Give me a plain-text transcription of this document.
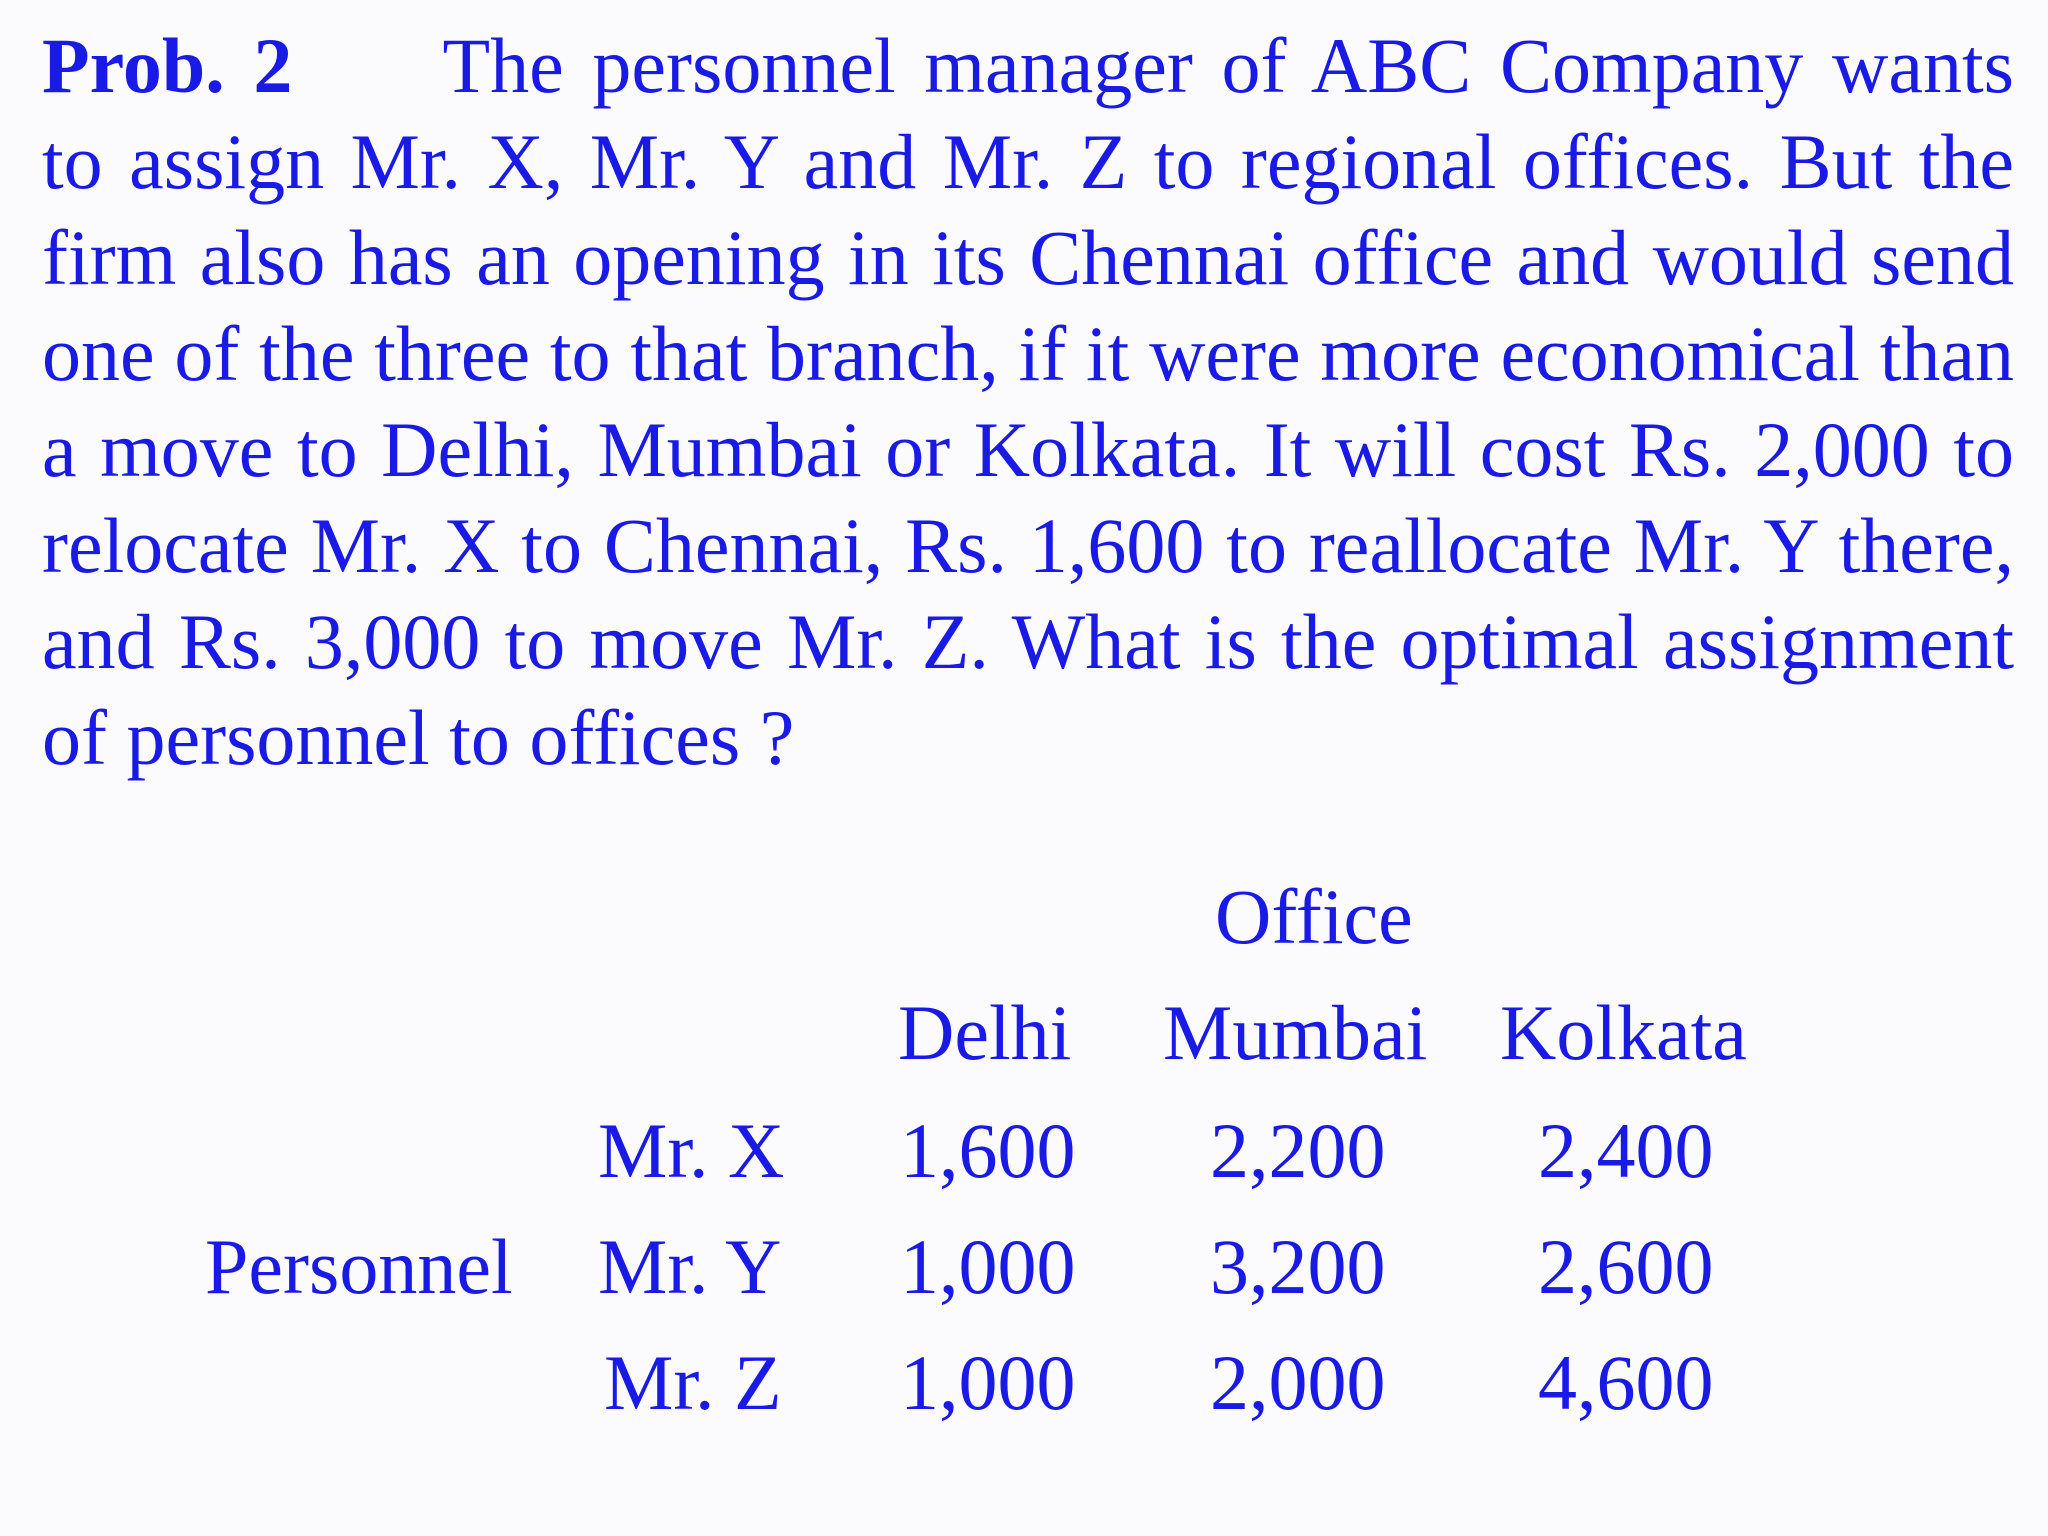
Prob. 2 The personnel manager of ABC Company wants to assign Mr. X, Mr. Y and Mr. Z to regional offices. But the firm also has an opening in its Chennai office and would send one of the three to that branch, if it were more economical than a move to Delhi, Mumbai or Kolkata. It will cost Rs. 2,000 to relocate Mr. X to Chennai, Rs. 1,600 to reallocate Mr. Y there, and Rs. 3,000 to move Mr. Z. What is the optimal assignment of personnel to offices ?

Office
Delhi Mumbai Kolkata
Personnel
Mr. X 1,600 2,200 2,400
Mr. Y 1,000 3,200 2,600
Mr. Z 1,000 2,000 4,600
